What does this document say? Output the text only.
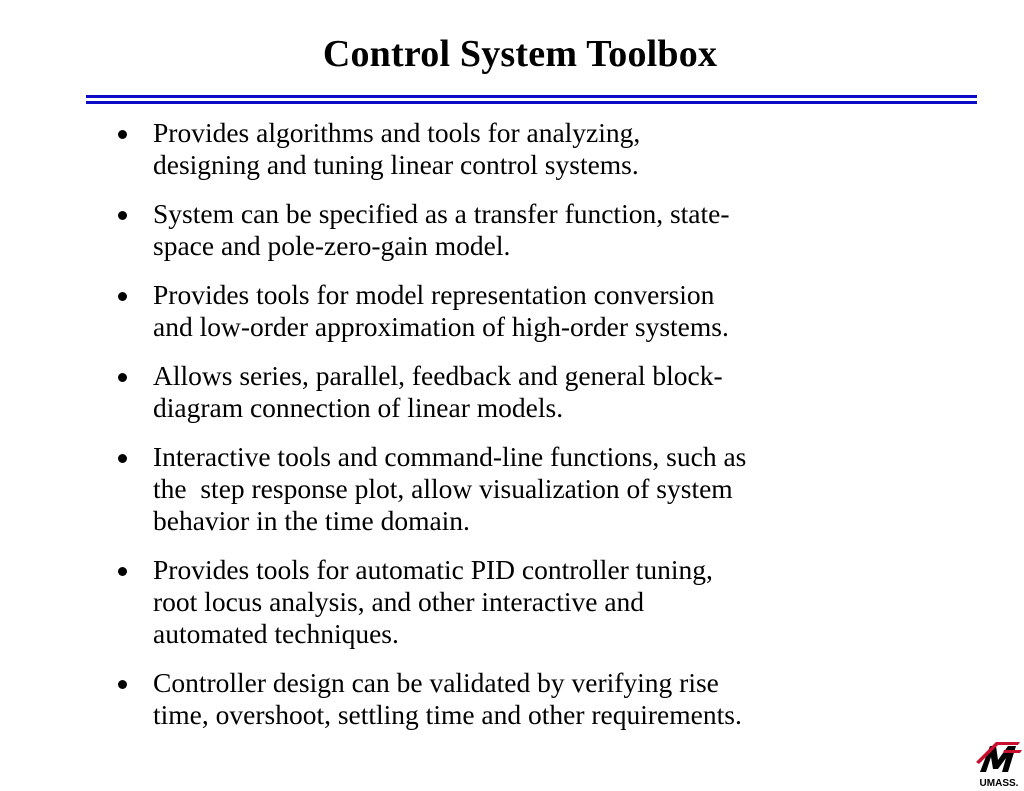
Control System Toolbox
Provides algorithms and tools for analyzing,
designing and tuning linear control systems.
System can be specified as a transfer function, state-
space and pole-zero-gain model.
Provides tools for model representation conversion
and low-order approximation of high-order systems.
Allows series, parallel, feedback and general block-
diagram connection of linear models.
Interactive tools and command-line functions, such as
the  step response plot, allow visualization of system
behavior in the time domain.
Provides tools for automatic PID controller tuning,
root locus analysis, and other interactive and
automated techniques.
Controller design can be validated by verifying rise
time, overshoot, settling time and other requirements.
UMASS.
